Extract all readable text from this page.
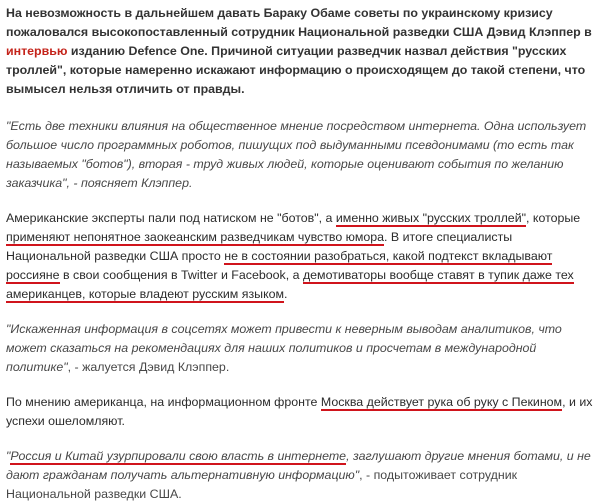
На невозможность в дальнейшем давать Бараку Обаме советы по украинскому кризису пожаловался высокопоставленный сотрудник Национальной разведки США Дэвид Клэппер в интервью изданию Defence One. Причиной ситуации разведчик назвал действия "русских троллей", которые намеренно искажают информацию о происходящем до такой степени, что вымысел нельзя отличить от правды.

"Есть две техники влияния на общественное мнение посредством интернета. Одна использует большое число программных роботов, пишущих под выдуманными псевдонимами (то есть так называемых "ботов"), вторая - труд живых людей, которые оценивают события по желанию заказчика", - поясняет Клэппер.

Американские эксперты пали под натиском не "ботов", а именно живых "русских троллей", которые применяют непонятное заокеанским разведчикам чувство юмора. В итоге специалисты Национальной разведки США просто не в состоянии разобраться, какой подтекст вкладывают россияне в свои сообщения в Twitter и Facebook, а демотиваторы вообще ставят в тупик даже тех американцев, которые владеют русским языком.

"Искаженная информация в соцсетях может привести к неверным выводам аналитиков, что может сказаться на рекомендациях для наших политиков и просчетам в международной политике", - жалуется Дэвид Клэппер.

По мнению американца, на информационном фронте Москва действует рука об руку с Пекином, и их успехи ошеломляют.

"Россия и Китай узурпировали свою власть в интернете, заглушают другие мнения ботами, и не дают гражданам получать альтернативную информацию", - подытоживает сотрудник Национальной разведки США.
